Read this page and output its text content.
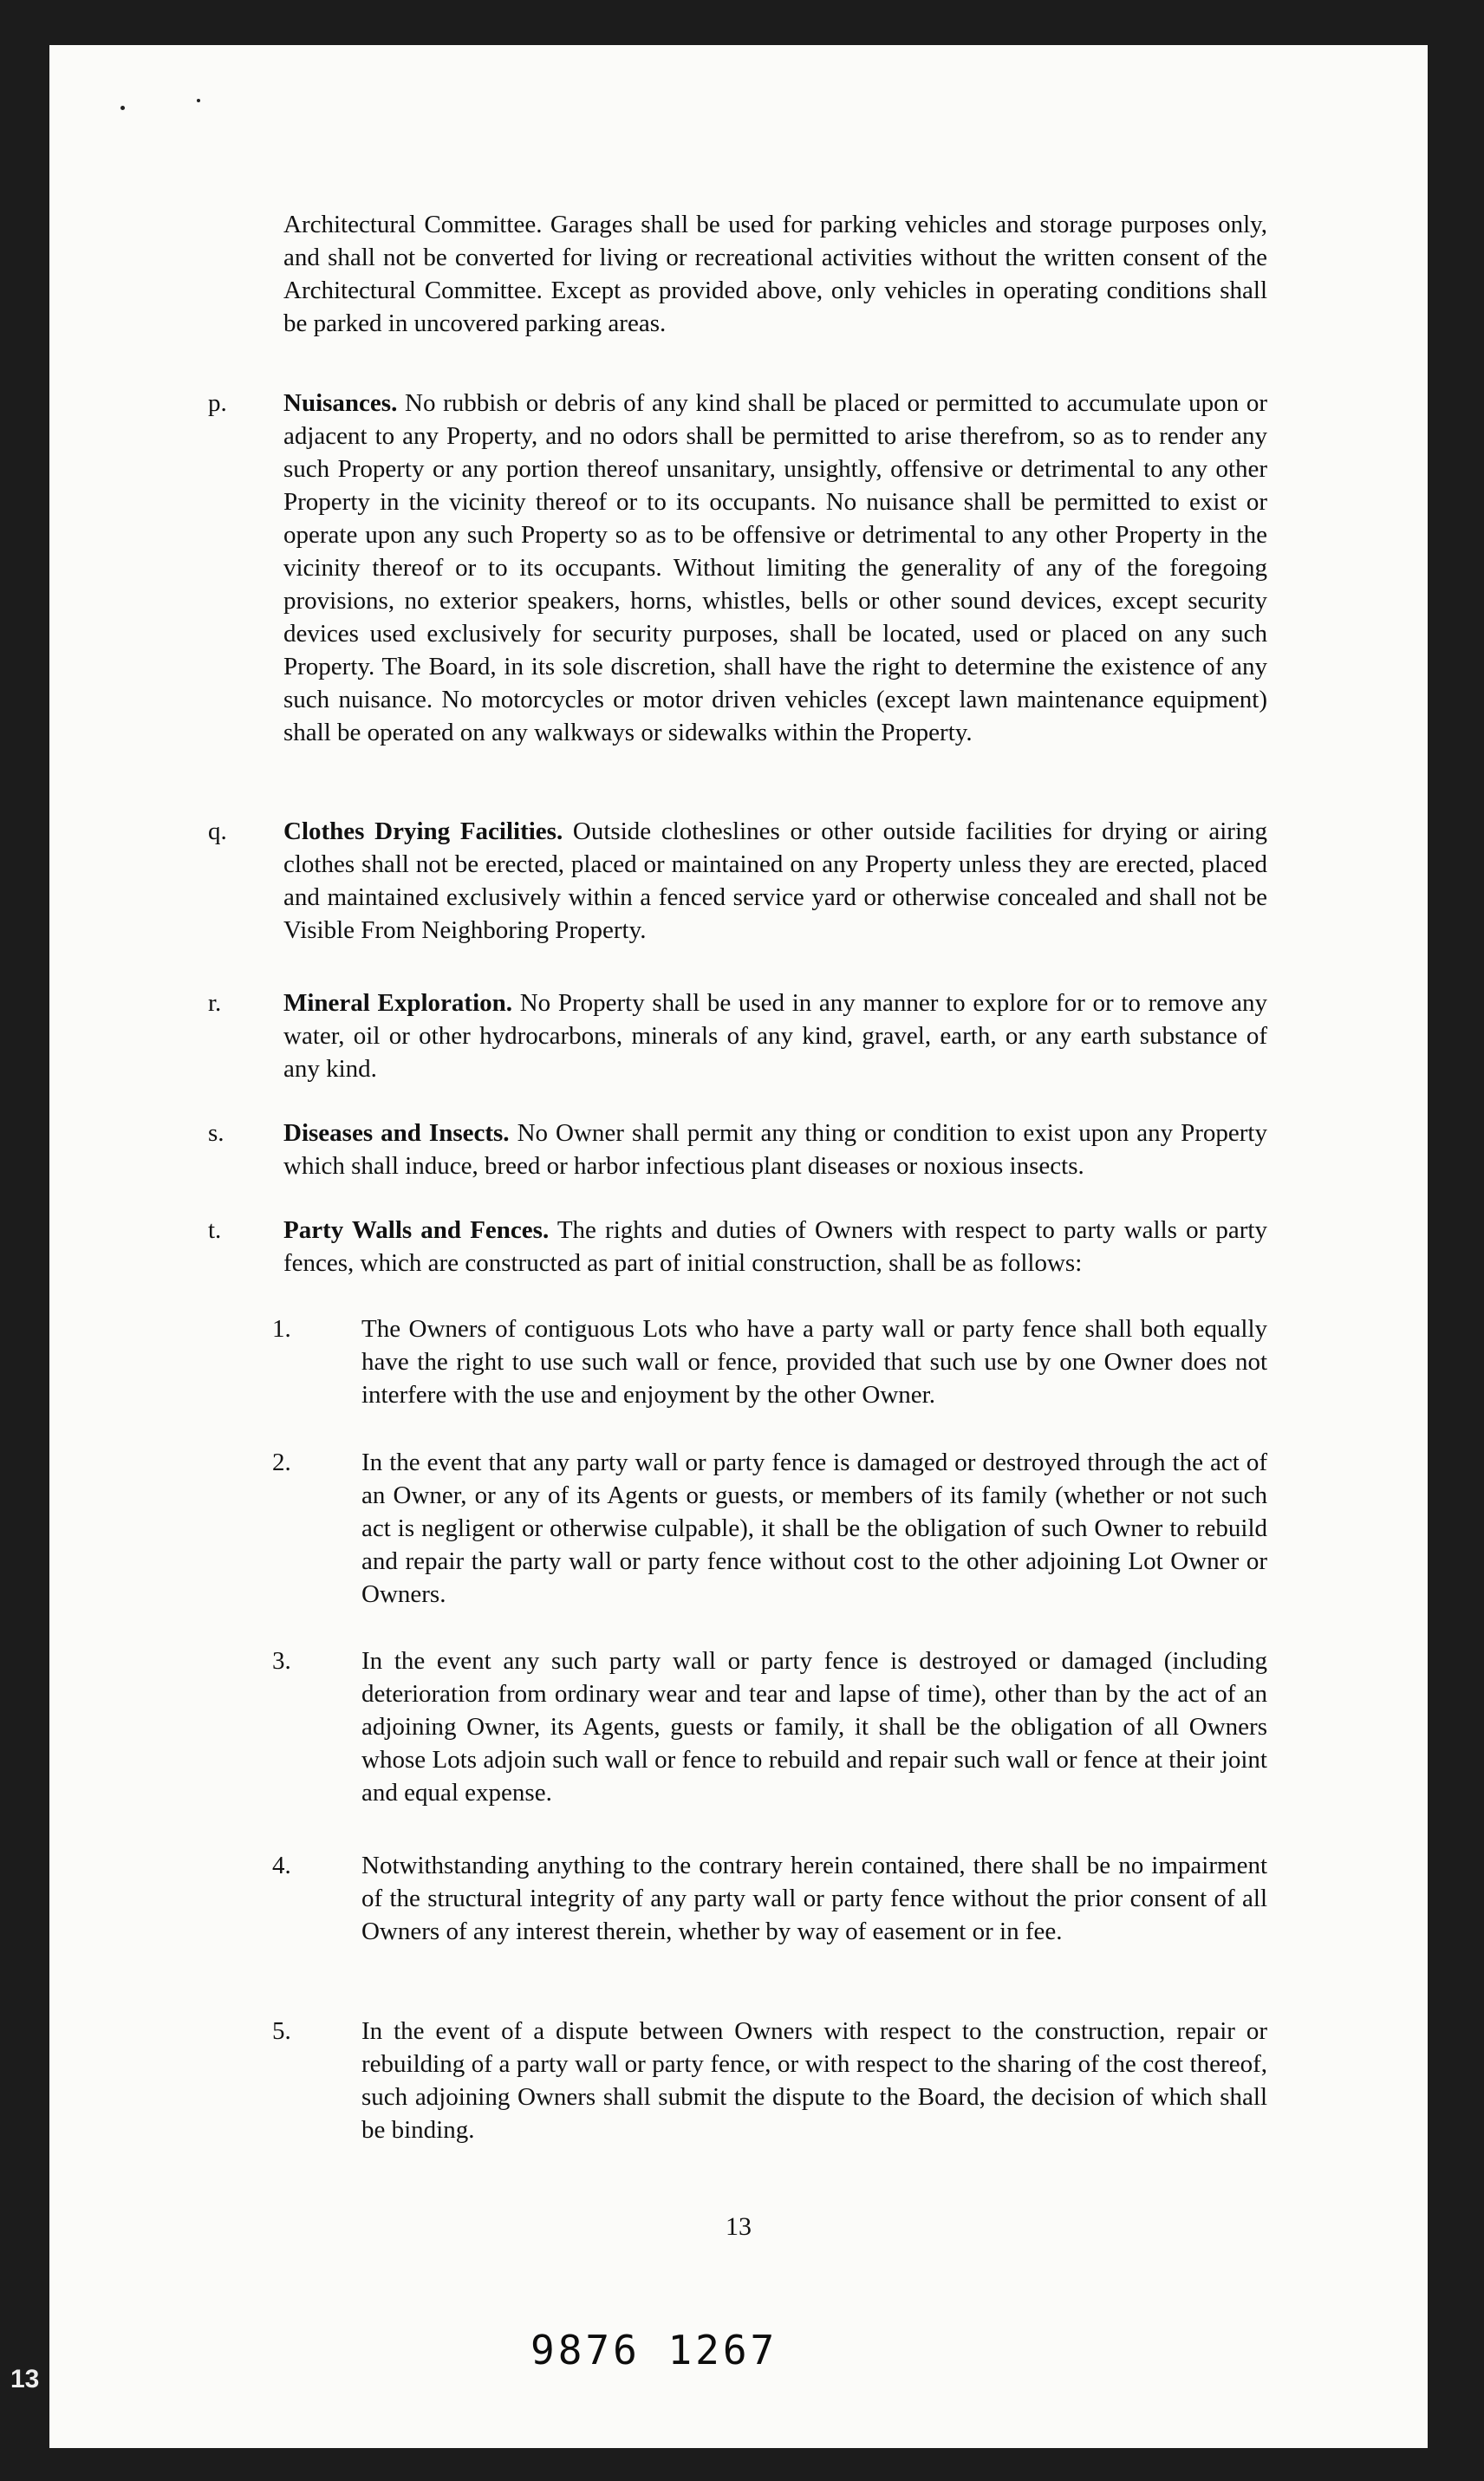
Architectural Committee. Garages shall be used for parking vehicles and storage purposes only, and shall not be converted for living or recreational activities without the written consent of the Architectural Committee. Except as provided above, only vehicles in operating conditions shall be parked in uncovered parking areas.
p. Nuisances. No rubbish or debris of any kind shall be placed or permitted to accumulate upon or adjacent to any Property, and no odors shall be permitted to arise therefrom, so as to render any such Property or any portion thereof unsanitary, unsightly, offensive or detrimental to any other Property in the vicinity thereof or to its occupants. No nuisance shall be permitted to exist or operate upon any such Property so as to be offensive or detrimental to any other Property in the vicinity thereof or to its occupants. Without limiting the generality of any of the foregoing provisions, no exterior speakers, horns, whistles, bells or other sound devices, except security devices used exclusively for security purposes, shall be located, used or placed on any such Property. The Board, in its sole discretion, shall have the right to determine the existence of any such nuisance. No motorcycles or motor driven vehicles (except lawn maintenance equipment) shall be operated on any walkways or sidewalks within the Property.
q. Clothes Drying Facilities. Outside clotheslines or other outside facilities for drying or airing clothes shall not be erected, placed or maintained on any Property unless they are erected, placed and maintained exclusively within a fenced service yard or otherwise concealed and shall not be Visible From Neighboring Property.
r. Mineral Exploration. No Property shall be used in any manner to explore for or to remove any water, oil or other hydrocarbons, minerals of any kind, gravel, earth, or any earth substance of any kind.
s. Diseases and Insects. No Owner shall permit any thing or condition to exist upon any Property which shall induce, breed or harbor infectious plant diseases or noxious insects.
t. Party Walls and Fences. The rights and duties of Owners with respect to party walls or party fences, which are constructed as part of initial construction, shall be as follows:
1.	The Owners of contiguous Lots who have a party wall or party fence shall both equally have the right to use such wall or fence, provided that such use by one Owner does not interfere with the use and enjoyment by the other Owner.
2.	In the event that any party wall or party fence is damaged or destroyed through the act of an Owner, or any of its Agents or guests, or members of its family (whether or not such act is negligent or otherwise culpable), it shall be the obligation of such Owner to rebuild and repair the party wall or party fence without cost to the other adjoining Lot Owner or Owners.
3.	In the event any such party wall or party fence is destroyed or damaged (including deterioration from ordinary wear and tear and lapse of time), other than by the act of an adjoining Owner, its Agents, guests or family, it shall be the obligation of all Owners whose Lots adjoin such wall or fence to rebuild and repair such wall or fence at their joint and equal expense.
4.	Notwithstanding anything to the contrary herein contained, there shall be no impairment of the structural integrity of any party wall or party fence without the prior consent of all Owners of any interest therein, whether by way of easement or in fee.
5.	In the event of a dispute between Owners with respect to the construction, repair or rebuilding of a party wall or party fence, or with respect to the sharing of the cost thereof, such adjoining Owners shall submit the dispute to the Board, the decision of which shall be binding.
13
9876 1267
13
